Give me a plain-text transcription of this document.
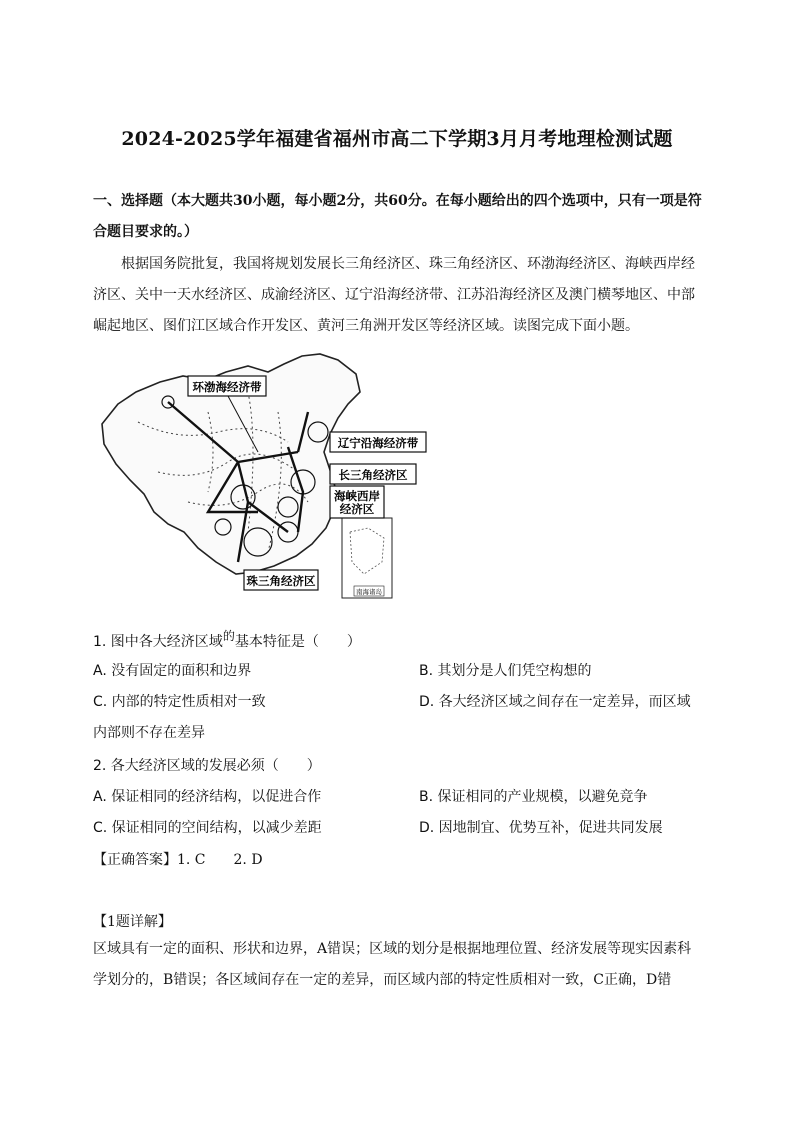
2024-2025学年福建省福州市高二下学期3月月考地理检测试题
一、选择题（本大题共30小题，每小题2分，共60分。在每小题给出的四个选项中，只有一项是符合题目要求的。）
根据国务院批复，我国将规划发展长三角经济区、珠三角经济区、环渤海经济区、海峡西岸经济区、关中一天水经济区、成渝经济区、辽宁沿海经济带、江苏沿海经济区及澳门横琴地区、中部崛起地区、图们江区域合作开发区、黄河三角洲开发区等经济区域。读图完成下面小题。
南海诸岛
环渤海经济带
辽宁沿海经济带
长三角经济区
海峡西岸
经济区
珠三角经济区
1. 图中各大经济区域的基本特征是（　　）
A. 没有固定的面积和边界	B. 其划分是人们凭空构想的
C. 内部的特定性质相对一致	D. 各大经济区域之间存在一定差异，而区域
内部则不存在差异
2. 各大经济区域的发展必须（　　）
A. 保证相同的经济结构，以促进合作	B. 保证相同的产业规模，以避免竞争
C. 保证相同的空间结构，以减少差距	D. 因地制宜、优势互补，促进共同发展
【正确答案】1. C　　2. D
【1题详解】
区域具有一定的面积、形状和边界，A错误；区域的划分是根据地理位置、经济发展等现实因素科学划分的，B错误；各区域间存在一定的差异，而区域内部的特定性质相对一致，C正确，D错
